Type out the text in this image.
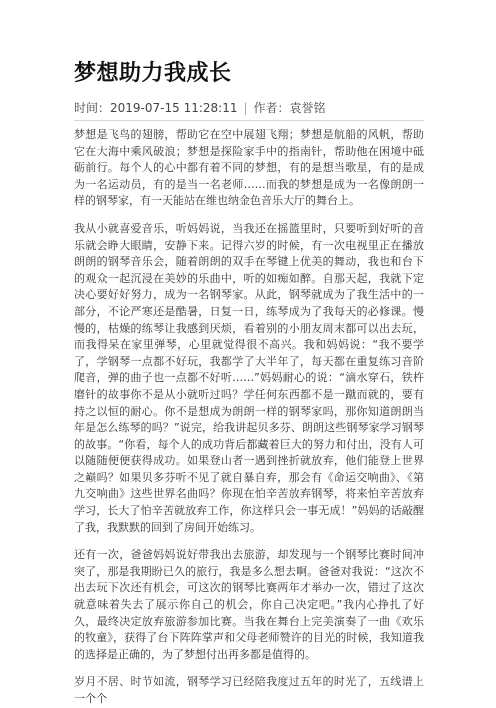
梦想助力我成长
时间：2019-07-15 11:28:11 | 作者：袁誉铭

梦想是飞鸟的翅膀，帮助它在空中展翅飞翔；梦想是航船的风帆，帮助它在大海中乘风破浪；梦想是探险家手中的指南针，帮助他在困境中砥砺前行。每个人的心中都有着不同的梦想，有的是想当歌星，有的是成为一名运动员，有的是当一名老师……而我的梦想是成为一名像朗朗一样的钢琴家，有一天能站在维也纳金色音乐大厅的舞台上。

我从小就喜爱音乐，听妈妈说，当我还在摇篮里时，只要听到好听的音乐就会睁大眼睛，安静下来。记得六岁的时候，有一次电视里正在播放朗朗的钢琴音乐会，随着朗朗的双手在琴键上优美的舞动，我也和台下的观众一起沉浸在美妙的乐曲中，听的如痴如醉。自那天起，我就下定决心要好好努力，成为一名钢琴家。从此，钢琴就成为了我生活中的一部分，不论严寒还是酷暑，日复一日，练琴成为了我每天的必修课。慢慢的，枯燥的练琴让我感到厌烦，看着别的小朋友周末都可以出去玩，而我得呆在家里弹琴，心里就觉得很不高兴。我和妈妈说：“我不要学了，学钢琴一点都不好玩，我都学了大半年了，每天都在重复练习音阶爬音，弹的曲子也一点都不好听……”妈妈耐心的说：“滴水穿石，铁杵磨针的故事你不是从小就听过吗？学任何东西都不是一蹴而就的，要有持之以恒的耐心。你不是想成为朗朗一样的钢琴家吗，那你知道朗朗当年是怎么练琴的吗？”说完，给我讲起贝多芬、朗朗这些钢琴家学习钢琴的故事。“你看，每个人的成功背后都藏着巨大的努力和付出，没有人可以随随便便获得成功。如果登山者一遇到挫折就放弃，他们能登上世界之巅吗？如果贝多芬听不见了就自暴自弃，那会有《命运交响曲》、《第九交响曲》这些世界名曲吗？你现在怕辛苦放弃钢琴，将来怕辛苦放弃学习，长大了怕辛苦就放弃工作，你这样只会一事无成！”妈妈的话敲醒了我，我默默的回到了房间开始练习。

还有一次，爸爸妈妈说好带我出去旅游，却发现与一个钢琴比赛时间冲突了，那是我期盼已久的旅行，我是多么想去啊。爸爸对我说：“这次不出去玩下次还有机会，可这次的钢琴比赛两年才举办一次，错过了这次就意味着失去了展示你自己的机会，你自己决定吧。”我内心挣扎了好久，最终决定放弃旅游参加比赛。当我在舞台上完美演奏了一曲《欢乐的牧童》，获得了台下阵阵掌声和父母老师赞许的目光的时候，我知道我的选择是正确的，为了梦想付出再多都是值得的。

岁月不居、时节如流，钢琴学习已经陪我度过五年的时光了，五线谱上一个个
